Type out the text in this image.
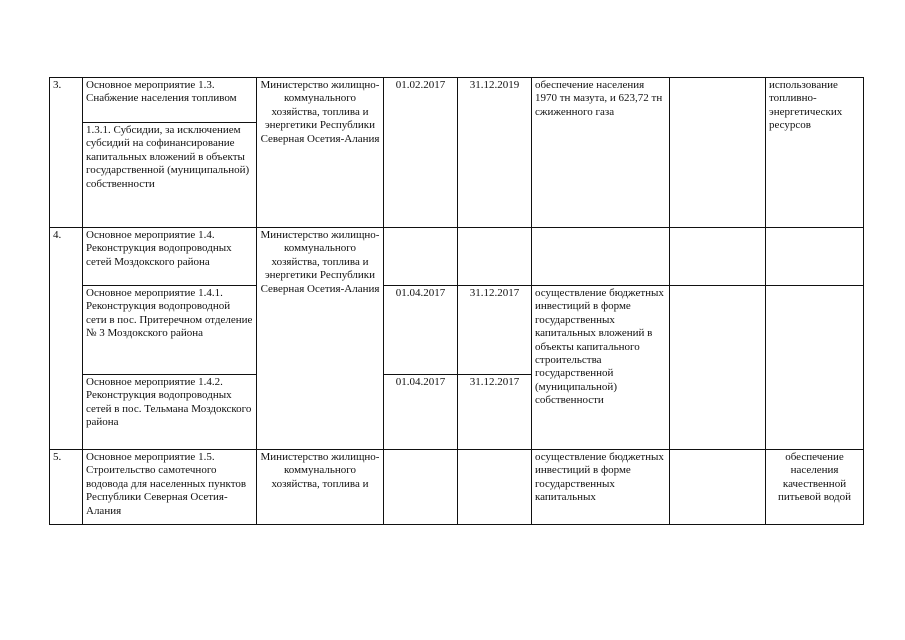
3.	Основное мероприятие 1.3. Снабжение населения топливом	Министерство жилищно-коммунального хозяйства, топлива и энергетики Республики Северная Осетия-Алания	01.02.2017	31.12.2019	обеспечение населения 1970 тн мазута, и 623,72 тн сжиженного газа		использование топливно-энергетических ресурсов
	1.3.1. Субсидии, за исключением субсидий на софинансирование капитальных вложений в объекты государственной (муниципальной) собственности						
4.	Основное мероприятие 1.4. Реконструкция водопроводных сетей Моздокского района	Министерство жилищно-коммунального хозяйства, топлива и энергетики Республики Северная Осетия-Алания					
	Основное мероприятие 1.4.1. Реконструкция водопроводной сети в пос. Притеречном отделение № 3 Моздокского района		01.04.2017	31.12.2017	осуществление бюджетных инвестиций в форме государственных капитальных вложений в объекты капитального строительства государственной (муниципальной) собственности		
	Основное мероприятие 1.4.2. Реконструкция водопроводных сетей в пос. Тельмана Моздокского района		01.04.2017	31.12.2017			
5.	Основное мероприятие 1.5. Строительство самотечного водовода для населенных пунктов Республики Северная Осетия-Алания	Министерство жилищно-коммунального хозяйства, топлива и			осуществление бюджетных инвестиций в форме государственных капитальных		обеспечение населения качественной питьевой водой
